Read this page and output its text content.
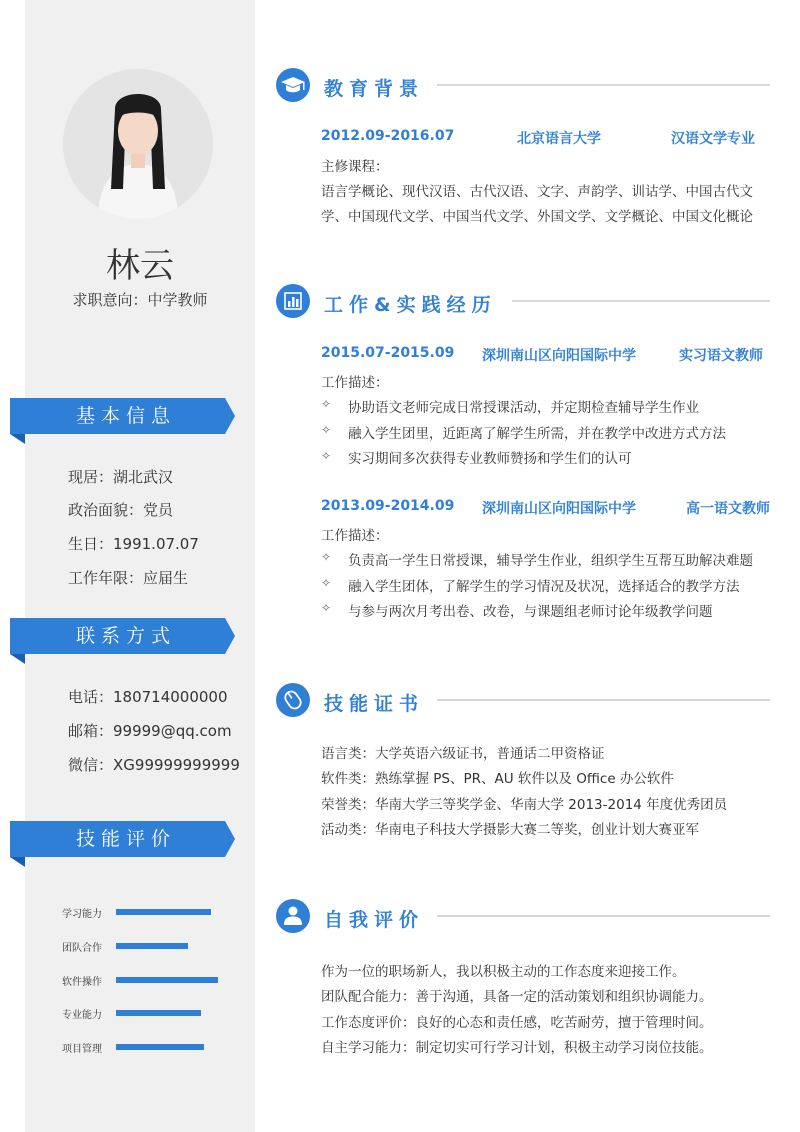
林云
求职意向：中学教师
基本信息
现居：湖北武汉
政治面貌：党员
生日：1991.07.07
工作年限：应届生
联系方式
电话：180714000000
邮箱：99999@qq.com
微信：XG99999999999
技能评价
学习能力
团队合作
软件操作
专业能力
项目管理
教育背景
2012.09-2016.07	北京语言大学	汉语文学专业
主修课程：
语言学概论、现代汉语、古代汉语、文字、声韵学、训诂学、中国古代文
学、中国现代文学、中国当代文学、外国文学、文学概论、中国文化概论
工作&实践经历
2015.07-2015.09 深圳南山区向阳国际中学	实习语文教师
工作描述：
✧ 协助语文老师完成日常授课活动，并定期检查辅导学生作业
✧ 融入学生团里，近距离了解学生所需，并在教学中改进方式方法
✧ 实习期间多次获得专业教师赞扬和学生们的认可
2013.09-2014.09 深圳南山区向阳国际中学	高一语文教师
工作描述：
✧ 负责高一学生日常授课，辅导学生作业，组织学生互帮互助解决难题
✧ 融入学生团体，了解学生的学习情况及状况，选择适合的教学方法
✧ 与参与两次月考出卷、改卷，与课题组老师讨论年级教学问题
技能证书
语言类：大学英语六级证书，普通话二甲资格证
软件类：熟练掌握 PS、PR、AU 软件以及 Office 办公软件
荣誉类：华南大学三等奖学金、华南大学 2013-2014 年度优秀团员
活动类：华南电子科技大学摄影大赛二等奖，创业计划大赛亚军
自我评价
作为一位的职场新人，我以积极主动的工作态度来迎接工作。
团队配合能力：善于沟通，具备一定的活动策划和组织协调能力。
工作态度评价：良好的心态和责任感，吃苦耐劳，擅于管理时间。
自主学习能力：制定切实可行学习计划，积极主动学习岗位技能。
